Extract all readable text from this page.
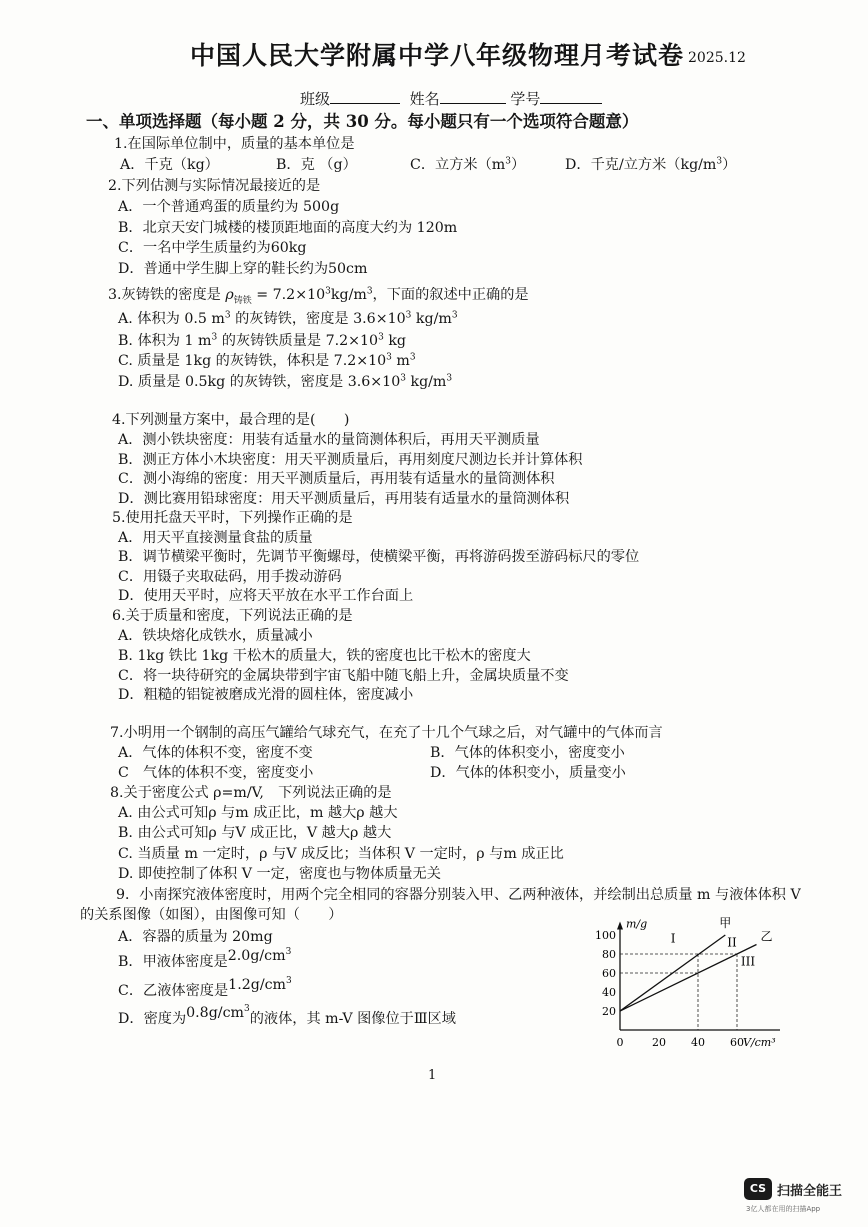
中国人民大学附属中学八年级物理月考试卷 2025.12
班级	姓名	学号
一、单项选择题（每小题 2 分，共 30 分。每小题只有一个选项符合题意）
1.在国际单位制中，质量的基本单位是
A．千克（kg）	B．克 （g）	C．立方米$(m^3)$	D．千克/立方米$(kg/m^3)$
2.下列估测与实际情况最接近的是
A．一个普通鸡蛋的质量约为 500g
B．北京天安门城楼的楼顶距地面的高度大约为 120m
C．一名中学生质量约为60kg
D．普通中学生脚上穿的鞋长约为50cm
3.灰铸铁的密度是 $\rho_{铸铁} = 7.2\times 10^3kg/m^3$，下面的叙述中正确的是
A. 体积为 0.5 $m^3$ 的灰铸铁，密度是 $3.6\times 10^3$ $kg/m^3$
B. 体积为 1 $m^3$ 的灰铸铁质量是 $7.2\times 10^3$ kg
C. 质量是 1kg 的灰铸铁，体积是 $7.2\times 10^3$ $m^3$
D. 质量是 0.5kg 的灰铸铁，密度是 $3.6\times 10^3$ $kg/m^3$
4.下列测量方案中，最合理的是(　　)
A．测小铁块密度：用装有适量水的量筒测体积后，再用天平测质量
B．测正方体小木块密度：用天平测质量后，再用刻度尺测边长并计算体积
C．测小海绵的密度：用天平测质量后，再用装有适量水的量筒测体积
D．测比赛用铅球密度：用天平测质量后，再用装有适量水的量筒测体积
5.使用托盘天平时，下列操作正确的是
A．用天平直接测量食盐的质量
B．调节横梁平衡时，先调节平衡螺母，使横梁平衡，再将游码拨至游码标尺的零位
C．用镊子夹取砝码，用手拨动游码
D．使用天平时，应将天平放在水平工作台面上
6.关于质量和密度，下列说法正确的是
A．铁块熔化成铁水，质量减小
B. 1kg 铁比 1kg 干松木的质量大，铁的密度也比干松木的密度大
C．将一块待研究的金属块带到宇宙飞船中随飞船上升，金属块质量不变
D．粗糙的铝锭被磨成光滑的圆柱体，密度减小
7.小明用一个钢制的高压气罐给气球充气，在充了十几个气球之后，对气罐中的气体而言
A．气体的体积不变，密度不变	B．气体的体积变小，密度变小
C　气体的体积不变，密度变小	D．气体的体积变小，质量变小
8.关于密度公式 ρ=m/V,　下列说法正确的是
A. 由公式可知ρ 与m 成正比，m 越大ρ 越大
B. 由公式可知ρ 与V 成正比，V 越大ρ 越大
C. 当质量 m 一定时，ρ 与V 成反比；当体积 V 一定时，ρ 与m 成正比
D. 即使控制了体积 V 一定，密度也与物体质量无关
9．小南探究液体密度时，用两个完全相同的容器分别装入甲、乙两种液体，并绘制出总质量 m 与液体体积 V
的关系图像（如图），由图像可知（　　）
A．容器的质量为 20mg
B．甲液体密度是$2.0g/cm^3$
C．乙液体密度是$1.2g/cm^3$
D．密度为$0.8g/cm^3$的液体，其 m-V 图像位于Ⅲ区域
m/g
V/cm³
0	20 40 60
20
40
60
80
100
甲
乙
I	II
III
1
CS 扫描全能王
3亿人都在用的扫描App
